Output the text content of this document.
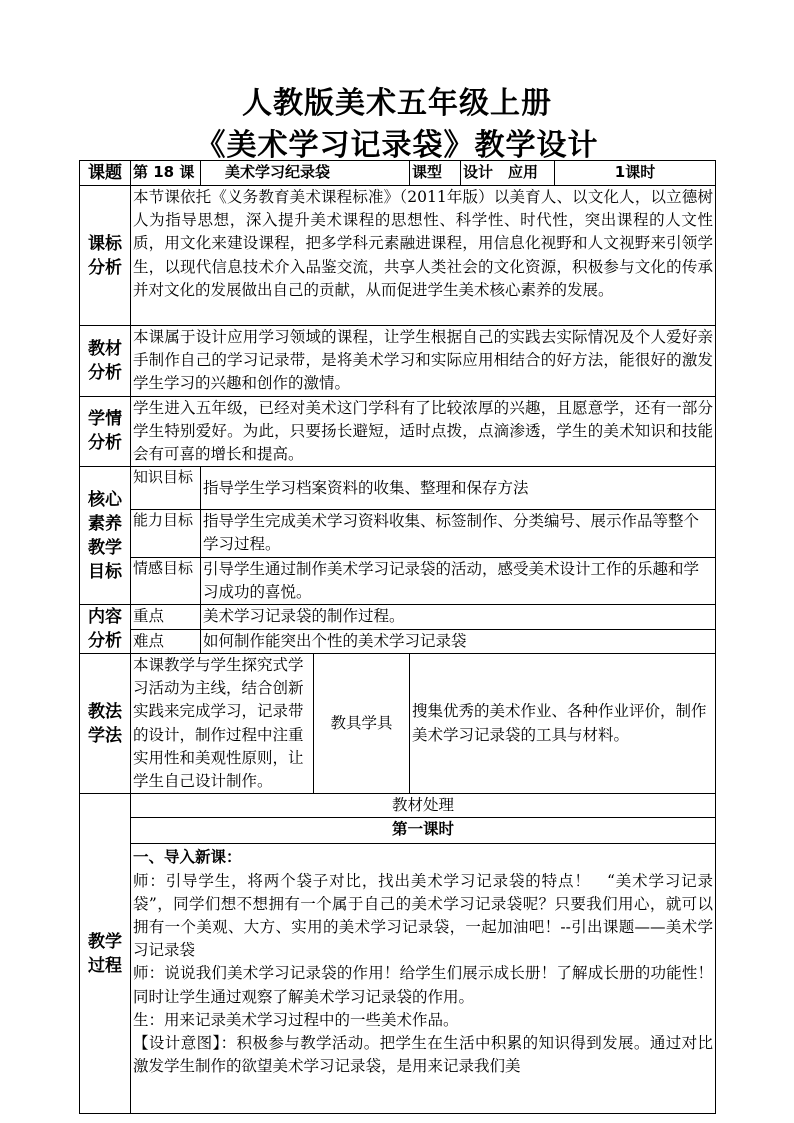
人教版美术五年级上册
《美术学习记录袋》教学设计
课题	第 18 课	美术学习纪录袋		课型	设计　应用	1课时
课标分析	本节课依托《义务教育美术课程标准》（2011年版）以美育人、以文化人，以立德树人为指导思想，深入提升美术课程的思想性、科学性、时代性，突出课程的人文性质，用文化来建设课程，把多学科元素融进课程，用信息化视野和人文视野来引领学生，以现代信息技术介入品鉴交流，共享人类社会的文化资源，积极参与文化的传承并对文化的发展做出自己的贡献，从而促进学生美术核心素养的发展。					
教材分析	本课属于设计应用学习领域的课程，让学生根据自己的实践去实际情况及个人爱好亲手制作自己的学习记录带，是将美术学习和实际应用相结合的好方法，能很好的激发学生学习的兴趣和创作的激情。					
学情分析	学生进入五年级，已经对美术这门学科有了比较浓厚的兴趣，且愿意学，还有一部分学生特别爱好。为此，只要扬长避短，适时点拨，点滴渗透，学生的美术知识和技能会有可喜的增长和提高。					
核心素养教学目标	知识目标	指导学生学习档案资料的收集、整理和保存方法				
	能力目标	指导学生完成美术学习资料收集、标签制作、分类编号、展示作品等整个学习过程。				
	情感目标	引导学生通过制作美术学习记录袋的活动，感受美术设计工作的乐趣和学习成功的喜悦。				
内容分析	重点	美术学习记录袋的制作过程。				
	难点	如何制作能突出个性的美术学习记录袋				
教法学法	本课教学与学生探究式学习活动为主线，结合创新实践来完成学习，记录带的设计，制作过程中注重实用性和美观性原则，让学生自己设计制作。		教具学具	搜集优秀的美术作业、各种作业评价，制作美术学习记录袋的工具与材料。		
教学过程	教材处理					
	第一课时					

	一、导入新课：

师：引导学生，将两个袋子对比，找出美术学习记录袋的特点！　“美术学习记录袋”，同学们想不想拥有一个属于自己的美术学习记录袋呢？只要我们用心，就可以拥有一个美观、大方、实用的美术学习记录袋，一起加油吧！--引出课题——美术学习记录袋

师：说说我们美术学习记录袋的作用！给学生们展示成长册！了解成长册的功能性！同时让学生通过观察了解美术学习记录袋的作用。

生：用来记录美术学习过程中的一些美术作品。

【设计意图】：积极参与教学活动。把学生在生活中积累的知识得到发展。通过对比激发学生制作的欲望美术学习记录袋，是用来记录我们美					
